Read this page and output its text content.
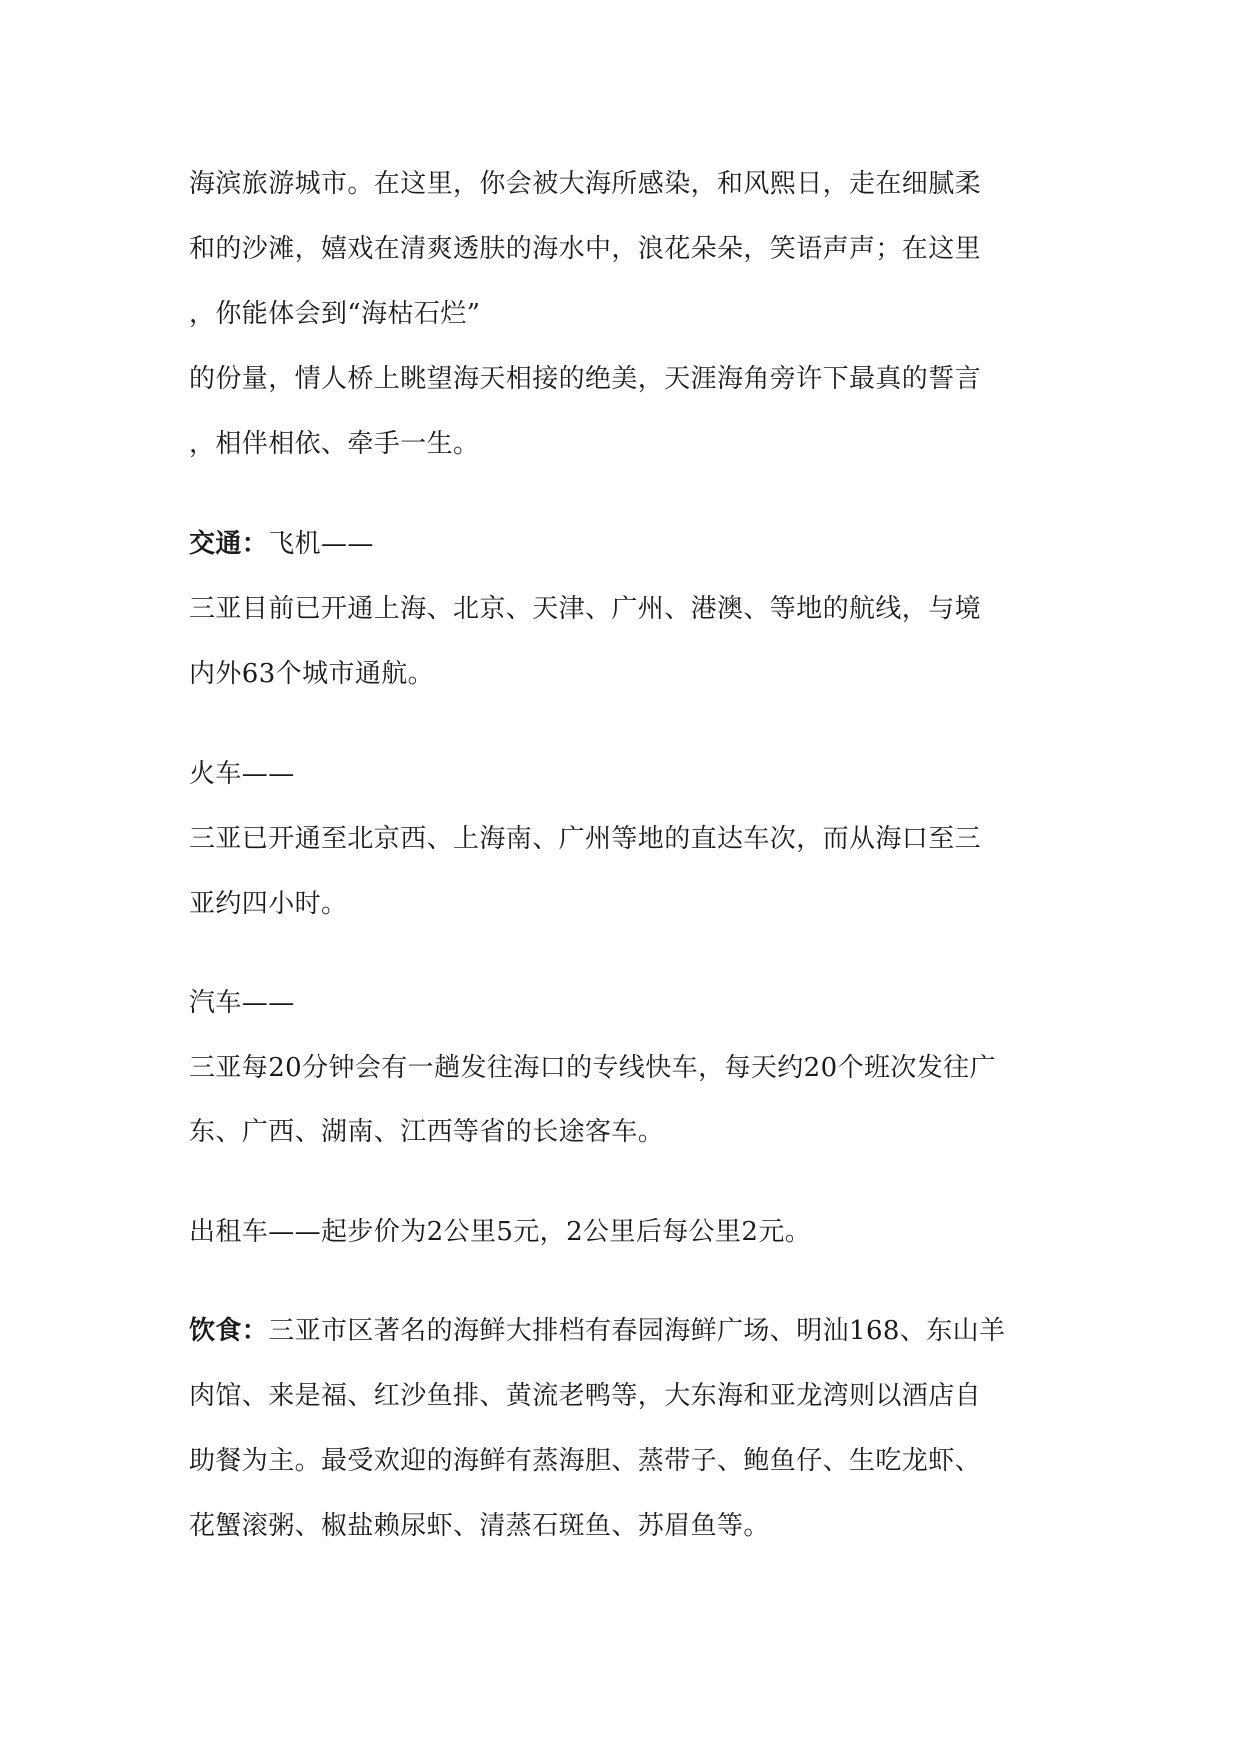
海滨旅游城市。在这里，你会被大海所感染，和风熙日，走在细腻柔
和的沙滩，嬉戏在清爽透肤的海水中，浪花朵朵，笑语声声；在这里
，你能体会到“海枯石烂”
的份量，情人桥上眺望海天相接的绝美，天涯海角旁许下最真的誓言
，相伴相依、牵手一生。
交通：飞机——
三亚目前已开通上海、北京、天津、广州、港澳、等地的航线，与境
内外63个城市通航。
火车——
三亚已开通至北京西、上海南、广州等地的直达车次，而从海口至三
亚约四小时。
汽车——
三亚每20分钟会有一趟发往海口的专线快车，每天约20个班次发往广
东、广西、湖南、江西等省的长途客车。
出租车——起步价为2公里5元，2公里后每公里2元。
饮食：三亚市区著名的海鲜大排档有春园海鲜广场、明汕168、东山羊
肉馆、来是福、红沙鱼排、黄流老鸭等，大东海和亚龙湾则以酒店自
助餐为主。最受欢迎的海鲜有蒸海胆、蒸带子、鲍鱼仔、生吃龙虾、
花蟹滚粥、椒盐赖尿虾、清蒸石斑鱼、苏眉鱼等。
